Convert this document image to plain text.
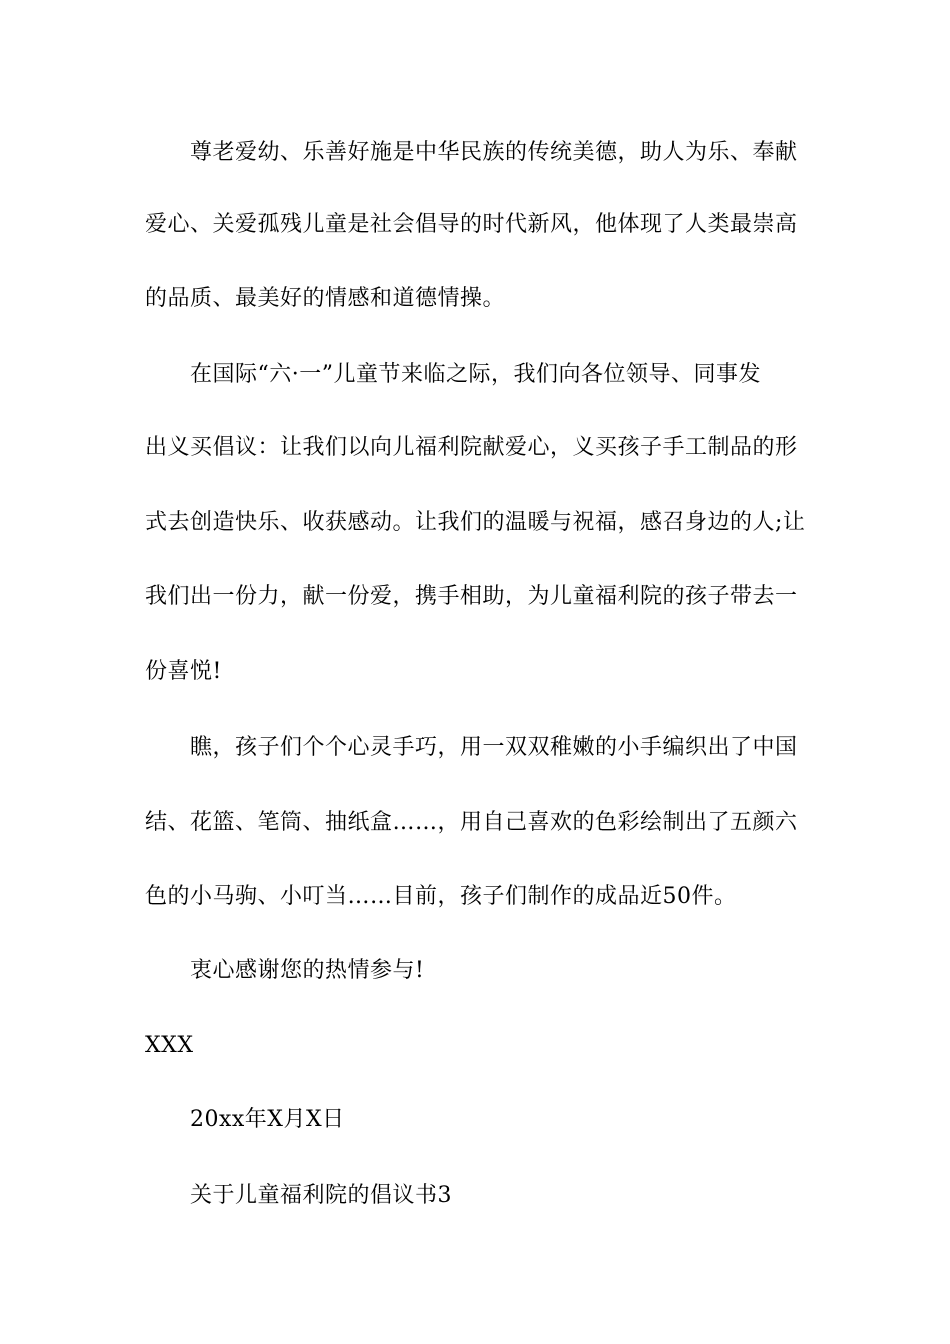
尊老爱幼、乐善好施是中华民族的传统美德，助人为乐、奉献
爱心、关爱孤残儿童是社会倡导的时代新风，他体现了人类最崇高
的品质、最美好的情感和道德情操。
在国际“六·一”儿童节来临之际，我们向各位领导、同事发
出义买倡议：让我们以向儿福利院献爱心，义买孩子手工制品的形
式去创造快乐、收获感动。让我们的温暖与祝福，感召身边的人;让
我们出一份力，献一份爱，携手相助，为儿童福利院的孩子带去一
份喜悦!
瞧，孩子们个个心灵手巧，用一双双稚嫩的小手编织出了中国
结、花篮、笔筒、抽纸盒……，用自己喜欢的色彩绘制出了五颜六
色的小马驹、小叮当……目前，孩子们制作的成品近50件。
衷心感谢您的热情参与!
XXX
20xx年X月X日
关于儿童福利院的倡议书3
